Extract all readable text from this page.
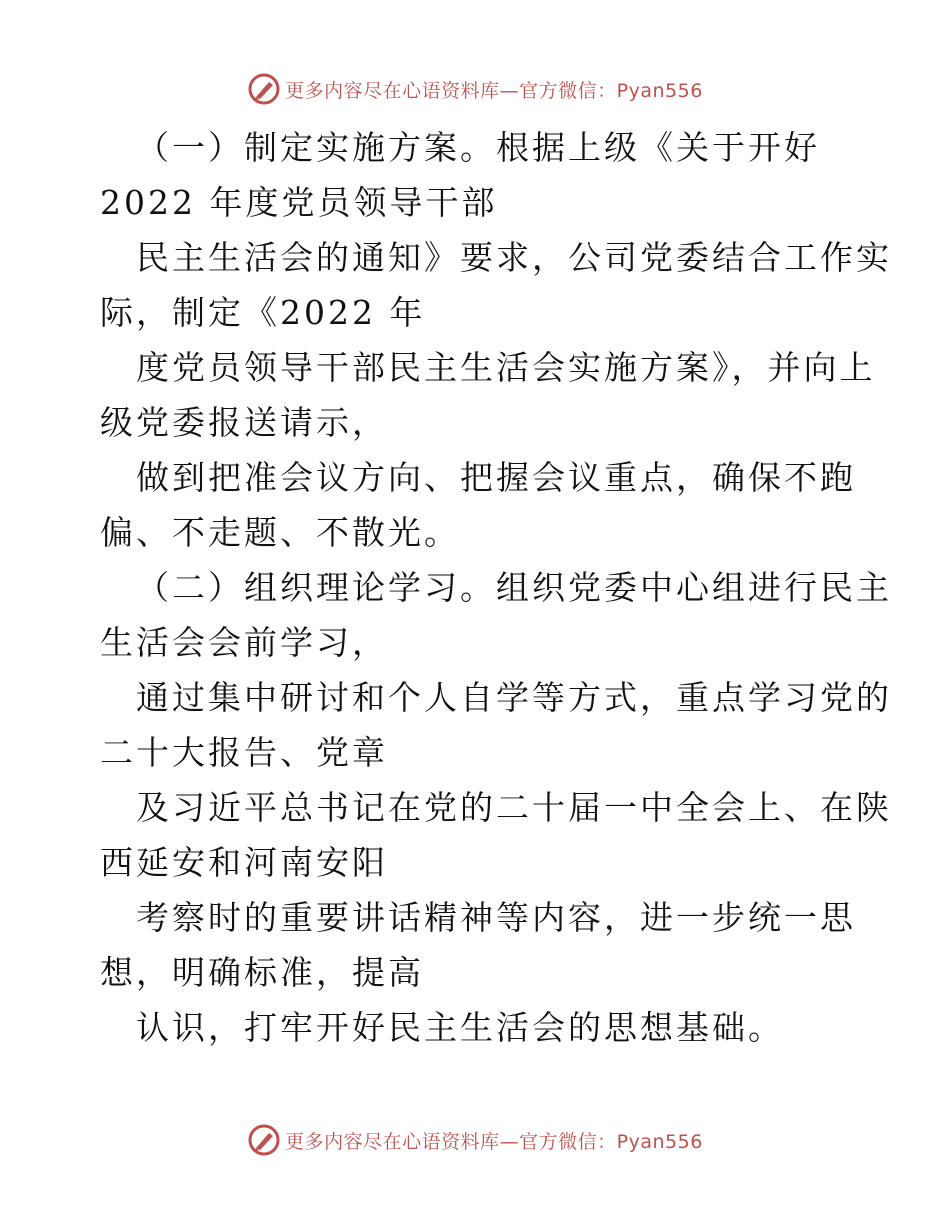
更多内容尽在心语资料库—官方微信：Pyan556
（一）制定实施方案。根据上级《关于开好
2022 年度党员领导干部
民主生活会的通知》要求，公司党委结合工作实
际，制定《2022 年
度党员领导干部民主生活会实施方案》，并向上
级党委报送请示，
做到把准会议方向、把握会议重点，确保不跑
偏、不走题、不散光。
（二）组织理论学习。组织党委中心组进行民主
生活会会前学习，
通过集中研讨和个人自学等方式，重点学习党的
二十大报告、党章
及习近平总书记在党的二十届一中全会上、在陕
西延安和河南安阳
考察时的重要讲话精神等内容，进一步统一思
想，明确标准，提高
认识，打牢开好民主生活会的思想基础。
更多内容尽在心语资料库—官方微信：Pyan556
